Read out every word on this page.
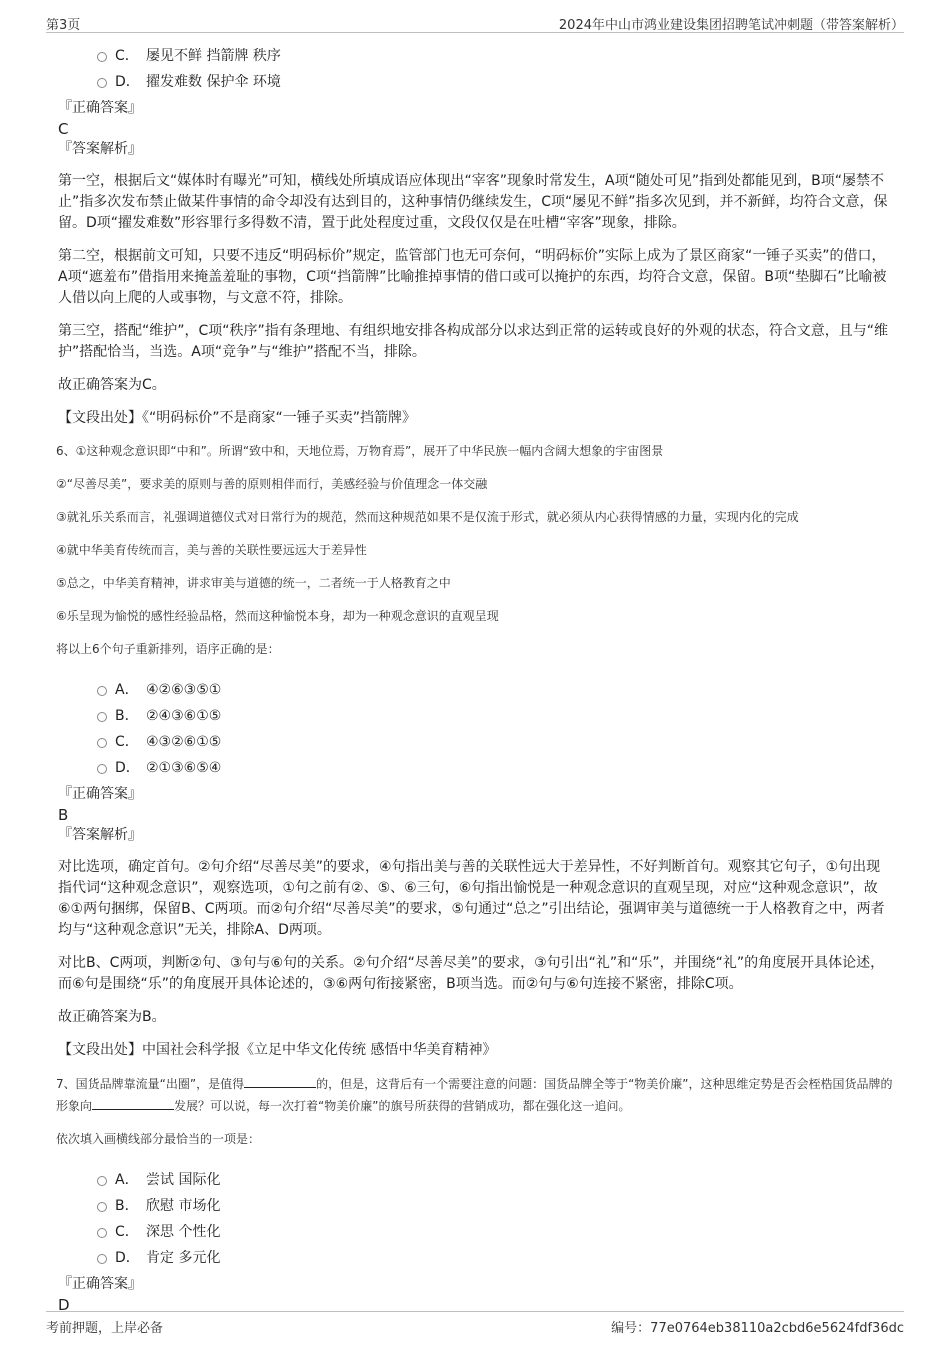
第3页	2024年中山市鸿业建设集团招聘笔试冲刺题（带答案解析）
C． 屡见不鲜 挡箭牌 秩序
D． 擢发难数 保护伞 环境
『正确答案』
C
『答案解析』

第一空，根据后文“媒体时有曝光”可知，横线处所填成语应体现出“宰客”现象时常发生，A项“随处可见”指到处都能见到，B项“屡禁不止”指多次发布禁止做某件事情的命令却没有达到目的，这种事情仍继续发生，C项“屡见不鲜”指多次见到，并不新鲜，均符合文意，保留。D项“擢发难数”形容罪行多得数不清，置于此处程度过重，文段仅仅是在吐槽“宰客”现象，排除。

第二空，根据前文可知，只要不违反“明码标价”规定，监管部门也无可奈何，“明码标价”实际上成为了景区商家“一锤子买卖”的借口，A项“遮羞布”借指用来掩盖羞耻的事物，C项“挡箭牌”比喻推掉事情的借口或可以掩护的东西，均符合文意，保留。B项“垫脚石”比喻被人借以向上爬的人或事物，与文意不符，排除。

第三空，搭配“维护”，C项“秩序”指有条理地、有组织地安排各构成部分以求达到正常的运转或良好的外观的状态，符合文意，且与“维护”搭配恰当，当选。A项“竞争”与“维护”搭配不当，排除。

故正确答案为C。

【文段出处】《“明码标价”不是商家“一锤子买卖”挡箭牌》

6、①这种观念意识即“中和”。所谓“致中和，天地位焉，万物育焉”，展开了中华民族一幅内含阔大想象的宇宙图景

②“尽善尽美”，要求美的原则与善的原则相伴而行，美感经验与价值理念一体交融

③就礼乐关系而言，礼强调道德仪式对日常行为的规范，然而这种规范如果不是仅流于形式，就必须从内心获得情感的力量，实现内化的完成

④就中华美育传统而言，美与善的关联性要远远大于差异性

⑤总之，中华美育精神，讲求审美与道德的统一，二者统一于人格教育之中

⑥乐呈现为愉悦的感性经验品格，然而这种愉悦本身，却为一种观念意识的直观呈现

将以上6个句子重新排列，语序正确的是：

A． ④②⑥③⑤①
B． ②④③⑥①⑤
C． ④③②⑥①⑤
D． ②①③⑥⑤④
『正确答案』
B
『答案解析』

对比选项，确定首句。②句介绍“尽善尽美”的要求，④句指出美与善的关联性远大于差异性，不好判断首句。观察其它句子，①句出现指代词“这种观念意识”，观察选项，①句之前有②、⑤、⑥三句，⑥句指出愉悦是一种观念意识的直观呈现，对应“这种观念意识”，故⑥①两句捆绑，保留B、C两项。而②句介绍“尽善尽美”的要求，⑤句通过“总之”引出结论，强调审美与道德统一于人格教育之中，两者均与“这种观念意识”无关，排除A、D两项。

对比B、C两项，判断②句、③句与⑥句的关系。②句介绍“尽善尽美”的要求，③句引出“礼”和“乐”，并围绕“礼”的角度展开具体论述，而⑥句是围绕“乐”的角度展开具体论述的，③⑥两句衔接紧密，B项当选。而②句与⑥句连接不紧密，排除C项。

故正确答案为B。

【文段出处】中国社会科学报《立足中华文化传统 感悟中华美育精神》

7、国货品牌靠流量“出圈”，是值得	的，但是，这背后有一个需要注意的问题：国货品牌全等于“物美价廉”，这种思维定势是否会桎梏国货品牌的形象向	发展？可以说，每一次打着“物美价廉”的旗号所获得的营销成功，都在强化这一追问。

依次填入画横线部分最恰当的一项是：

A． 尝试 国际化
B． 欣慰 市场化
C． 深思 个性化
D． 肯定 多元化
『正确答案』
D
考前押题，上岸必备	编号：77e0764eb38110a2cbd6e5624fdf36dc
